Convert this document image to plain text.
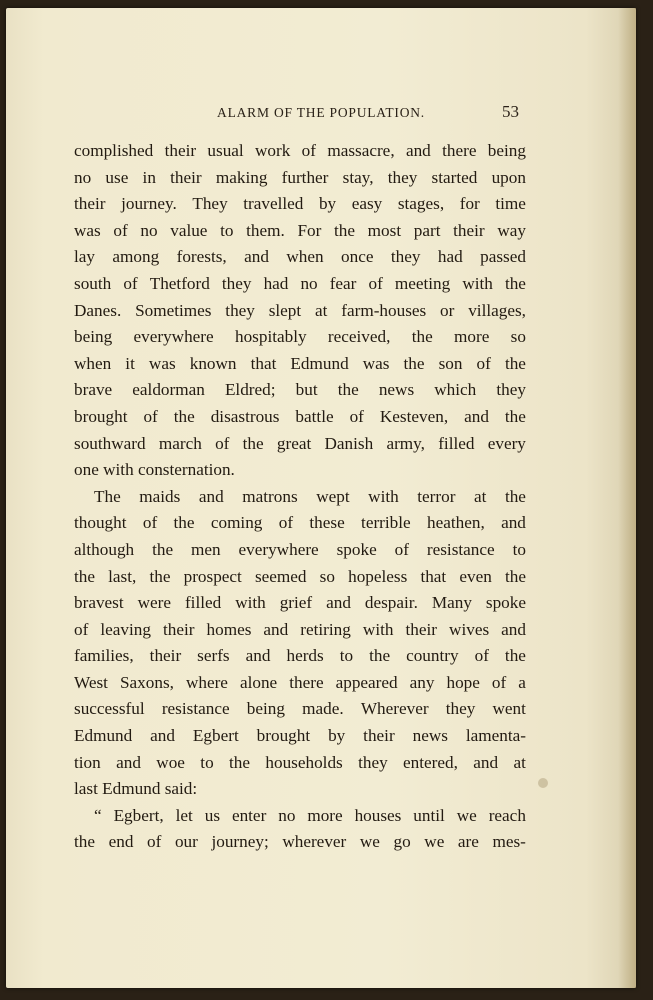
ALARM OF THE POPULATION.	53
complished their usual work of massacre, and there being
no use in their making further stay, they started upon
their journey. They travelled by easy stages, for time
was of no value to them. For the most part their way
lay among forests, and when once they had passed
south of Thetford they had no fear of meeting with the
Danes. Sometimes they slept at farm-houses or villages,
being everywhere hospitably received, the more so
when it was known that Edmund was the son of the
brave ealdorman Eldred; but the news which they
brought of the disastrous battle of Kesteven, and the
southward march of the great Danish army, filled every
one with consternation.
The maids and matrons wept with terror at the
thought of the coming of these terrible heathen, and
although the men everywhere spoke of resistance to
the last, the prospect seemed so hopeless that even the
bravest were filled with grief and despair. Many spoke
of leaving their homes and retiring with their wives and
families, their serfs and herds to the country of the
West Saxons, where alone there appeared any hope of a
successful resistance being made. Wherever they went
Edmund and Egbert brought by their news lamenta-
tion and woe to the households they entered, and at
last Edmund said:
“ Egbert, let us enter no more houses until we reach
the end of our journey; wherever we go we are mes-
